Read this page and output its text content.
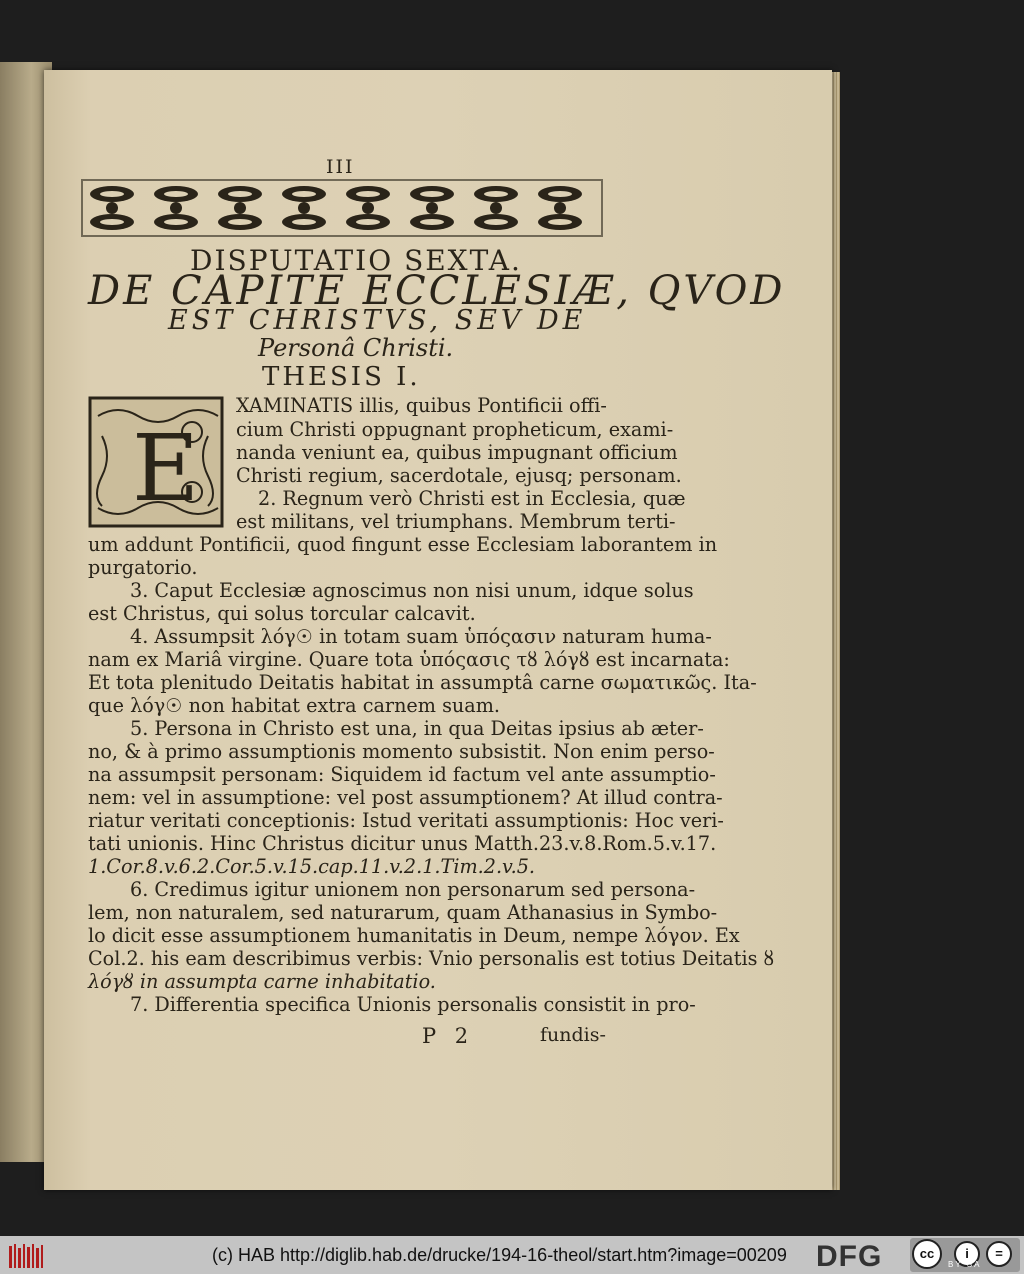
III
DISPUTATIO SEXTA.
DE CAPITE ECCLESIÆ, QVOD
EST CHRISTVS, SEV DE
Personâ Christi.
THESIS I.
E
XAMINATIS illis, quibus Pontificii offi-
cium Christi oppugnant propheticum, exami-
nanda veniunt ea, quibus impugnant officium
Christi regium, sacerdotale, ejusq; personam.
2. Regnum verò Christi est in Ecclesia, quæ
est militans, vel triumphans. Membrum terti-
um addunt Pontificii, quod fingunt esse Ecclesiam laborantem in
purgatorio.
3. Caput Ecclesiæ agnoscimus non nisi unum, idque solus
est Christus, qui solus torcular calcavit.
4. Assumpsit λόγ☉ in totam suam ὑπόςασιν naturam huma-
nam ex Mariâ virgine. Quare tota ὑπόςασις τȣ λόγȣ est incarnata:
Et tota plenitudo Deitatis habitat in assumptâ carne σωματικῶς. Ita-
que λόγ☉ non habitat extra carnem suam.
5. Persona in Christo est una, in qua Deitas ipsius ab æter-
no, & à primo assumptionis momento subsistit. Non enim perso-
na assumpsit personam: Siquidem id factum vel ante assumptio-
nem: vel in assumptione: vel post assumptionem? At illud contra-
riatur veritati conceptionis: Istud veritati assumptionis: Hoc veri-
tati unionis. Hinc Christus dicitur unus Matth.23.v.8.Rom.5.v.17.
1.Cor.8.v.6.2.Cor.5.v.15.cap.11.v.2.1.Tim.2.v.5.
6. Credimus igitur unionem non personarum sed persona-
lem, non naturalem, sed naturarum, quam Athanasius in Symbo-
lo dicit esse assumptionem humanitatis in Deum, nempe λόγον. Ex
Col.2. his eam describimus verbis: Vnio personalis est totius Deitatis ȣ
λόγȣ in assumpta carne inhabitatio.
7. Differentia specifica Unionis personalis consistit in pro-
P 2	fundis-
(c) HAB http://diglib.hab.de/drucke/194-16-theol/start.htm?image=00209 DFG	cc	i	=
BY SA
